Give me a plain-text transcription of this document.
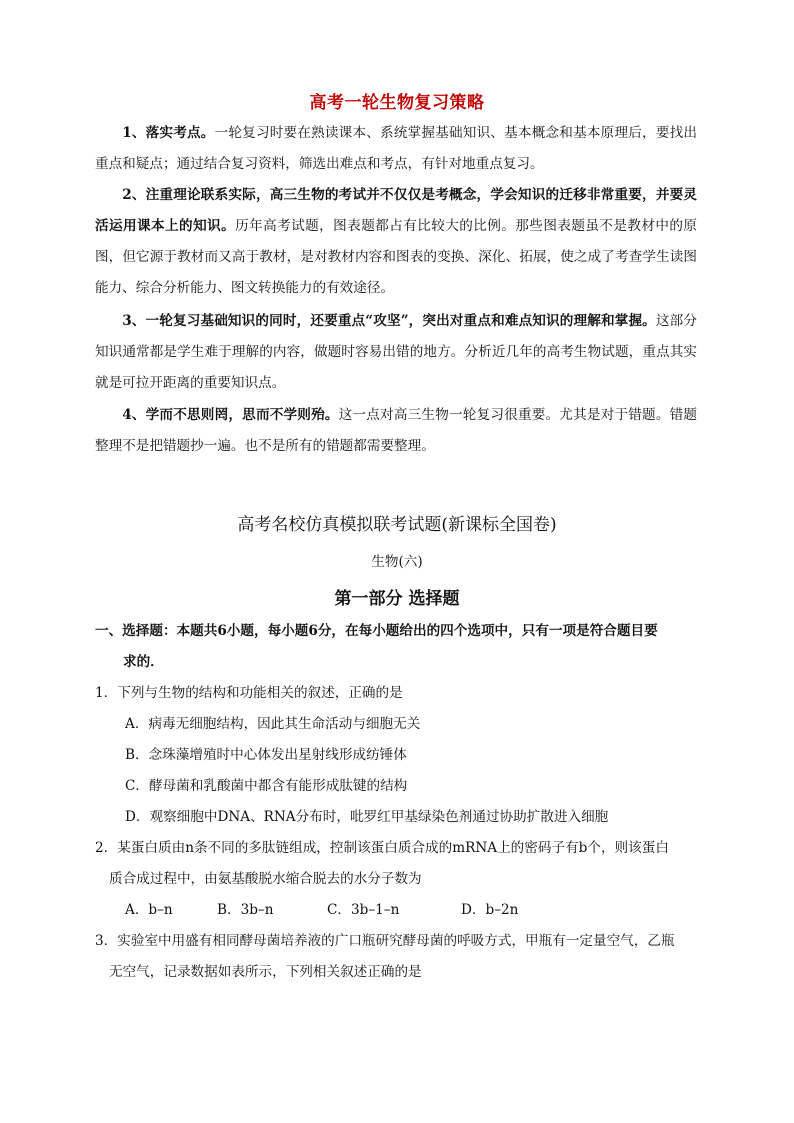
高考一轮生物复习策略

1、落实考点。一轮复习时要在熟读课本、系统掌握基础知识、基本概念和基本原理后，要找出重点和疑点；通过结合复习资料，筛选出难点和考点，有针对地重点复习。

2、注重理论联系实际，高三生物的考试并不仅仅是考概念，学会知识的迁移非常重要，并要灵活运用课本上的知识。历年高考试题，图表题都占有比较大的比例。那些图表题虽不是教材中的原图，但它源于教材而又高于教材，是对教材内容和图表的变换、深化、拓展，使之成了考查学生读图能力、综合分析能力、图文转换能力的有效途径。

3、一轮复习基础知识的同时，还要重点“攻坚”，突出对重点和难点知识的理解和掌握。这部分知识通常都是学生难于理解的内容，做题时容易出错的地方。分析近几年的高考生物试题，重点其实就是可拉开距离的重要知识点。

4、学而不思则罔，思而不学则殆。这一点对高三生物一轮复习很重要。尤其是对于错题。错题整理不是把错题抄一遍。也不是所有的错题都需要整理。

高考名校仿真模拟联考试题(新课标全国卷)
生物(六)
第一部分 选择题

一、选择题：本题共6小题，每小题6分，在每小题给出的四个选项中，只有一项是符合题目要
求的．

1．下列与生物的结构和功能相关的叙述，正确的是
A．病毒无细胞结构，因此其生命活动与细胞无关
B．念珠藻增殖时中心体发出星射线形成纺锤体
C．酵母菌和乳酸菌中都含有能形成肽键的结构
D．观察细胞中DNA、RNA分布时，吡罗红甲基绿染色剂通过协助扩散进入细胞
2．某蛋白质由n条不同的多肽链组成，控制该蛋白质合成的mRNA上的密码子有b个，则该蛋白
质合成过程中，由氨基酸脱水缩合脱去的水分子数为
A．b–n	B．3b–n	C．3b–1–n	D．b–2n
3．实验室中用盛有相同酵母菌培养液的广口瓶研究酵母菌的呼吸方式，甲瓶有一定量空气，乙瓶
无空气，记录数据如表所示，下列相关叙述正确的是
